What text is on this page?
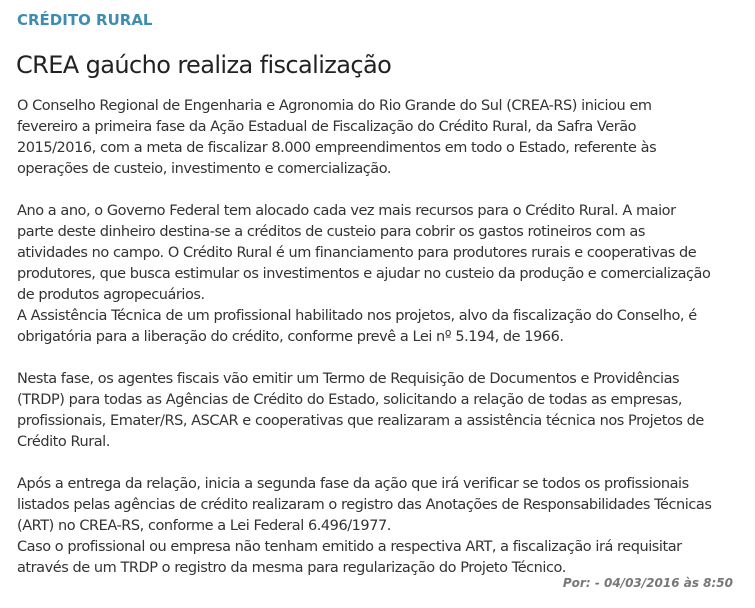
CRÉDITO RURAL
CREA gaúcho realiza fiscalização

O Conselho Regional de Engenharia e Agronomia do Rio Grande do Sul (CREA-RS) iniciou em
fevereiro a primeira fase da Ação Estadual de Fiscalização do Crédito Rural, da Safra Verão
2015/2016, com a meta de fiscalizar 8.000 empreendimentos em todo o Estado, referente às
operações de custeio, investimento e comercialização.

Ano a ano, o Governo Federal tem alocado cada vez mais recursos para o Crédito Rural. A maior
parte deste dinheiro destina-se a créditos de custeio para cobrir os gastos rotineiros com as
atividades no campo. O Crédito Rural é um financiamento para produtores rurais e cooperativas de
produtores, que busca estimular os investimentos e ajudar no custeio da produção e comercialização
de produtos agropecuários.
A Assistência Técnica de um profissional habilitado nos projetos, alvo da fiscalização do Conselho, é
obrigatória para a liberação do crédito, conforme prevê a Lei nº 5.194, de 1966.

Nesta fase, os agentes fiscais vão emitir um Termo de Requisição de Documentos e Providências
(TRDP) para todas as Agências de Crédito do Estado, solicitando a relação de todas as empresas,
profissionais, Emater/RS, ASCAR e cooperativas que realizaram a assistência técnica nos Projetos de
Crédito Rural.

Após a entrega da relação, inicia a segunda fase da ação que irá verificar se todos os profissionais
listados pelas agências de crédito realizaram o registro das Anotações de Responsabilidades Técnicas
(ART) no CREA-RS, conforme a Lei Federal 6.496/1977.
Caso o profissional ou empresa não tenham emitido a respectiva ART, a fiscalização irá requisitar
através de um TRDP o registro da mesma para regularização do Projeto Técnico.

Por: - 04/03/2016 às 8:50
